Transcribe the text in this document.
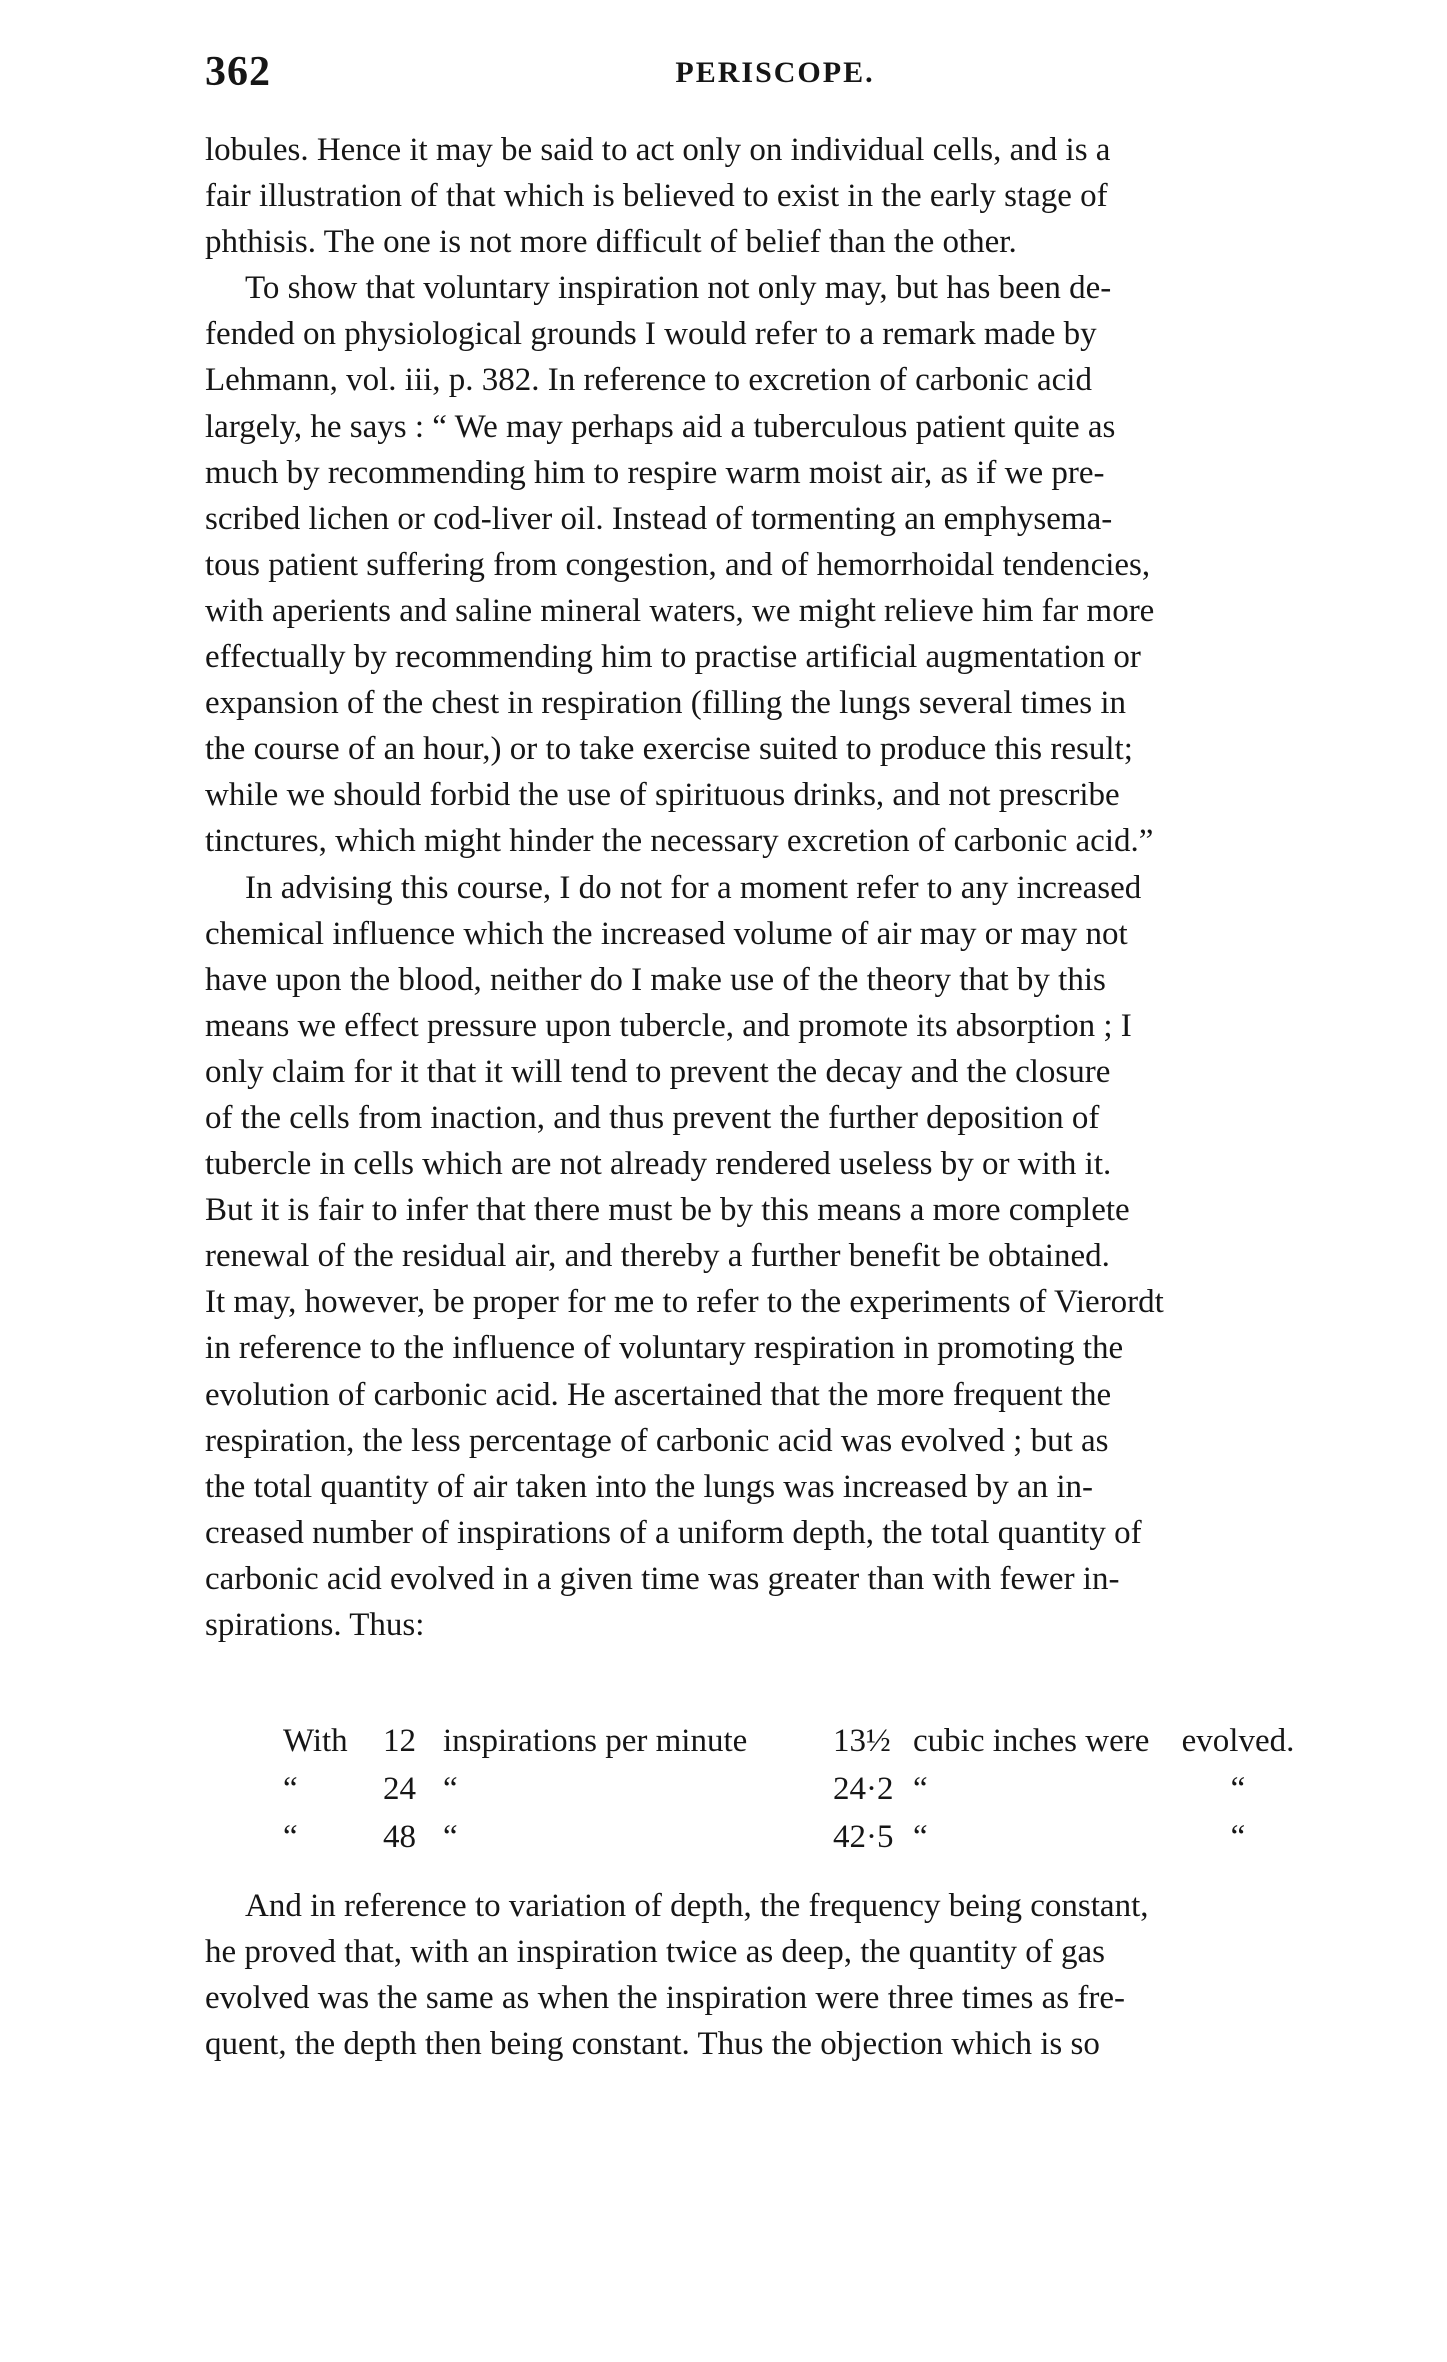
362	PERISCOPE.
lobules. Hence it may be said to act only on individual cells, and is a
fair illustration of that which is believed to exist in the early stage of
phthisis. The one is not more difficult of belief than the other.
To show that voluntary inspiration not only may, but has been de-
fended on physiological grounds I would refer to a remark made by
Lehmann, vol. iii, p. 382. In reference to excretion of carbonic acid
largely, he says : “ We may perhaps aid a tuberculous patient quite as
much by recommending him to respire warm moist air, as if we pre-
scribed lichen or cod-liver oil. Instead of tormenting an emphysema-
tous patient suffering from congestion, and of hemorrhoidal tendencies,
with aperients and saline mineral waters, we might relieve him far more
effectually by recommending him to practise artificial augmentation or
expansion of the chest in respiration (filling the lungs several times in
the course of an hour,) or to take exercise suited to produce this result;
while we should forbid the use of spirituous drinks, and not prescribe
tinctures, which might hinder the necessary excretion of carbonic acid.”
In advising this course, I do not for a moment refer to any increased
chemical influence which the increased volume of air may or may not
have upon the blood, neither do I make use of the theory that by this
means we effect pressure upon tubercle, and promote its absorption ; I
only claim for it that it will tend to prevent the decay and the closure
of the cells from inaction, and thus prevent the further deposition of
tubercle in cells which are not already rendered useless by or with it.
But it is fair to infer that there must be by this means a more complete
renewal of the residual air, and thereby a further benefit be obtained.
It may, however, be proper for me to refer to the experiments of Vierordt
in reference to the influence of voluntary respiration in promoting the
evolution of carbonic acid. He ascertained that the more frequent the
respiration, the less percentage of carbonic acid was evolved ; but as
the total quantity of air taken into the lungs was increased by an in-
creased number of inspirations of a uniform depth, the total quantity of
carbonic acid evolved in a given time was greater than with fewer in-
spirations. Thus:
With	12	inspirations per minute	13½	cubic inches were	evolved.
“	24	“	24·2	“	“
“	48	“	42·5	“	“
And in reference to variation of depth, the frequency being constant,
he proved that, with an inspiration twice as deep, the quantity of gas
evolved was the same as when the inspiration were three times as fre-
quent, the depth then being constant. Thus the objection which is so
